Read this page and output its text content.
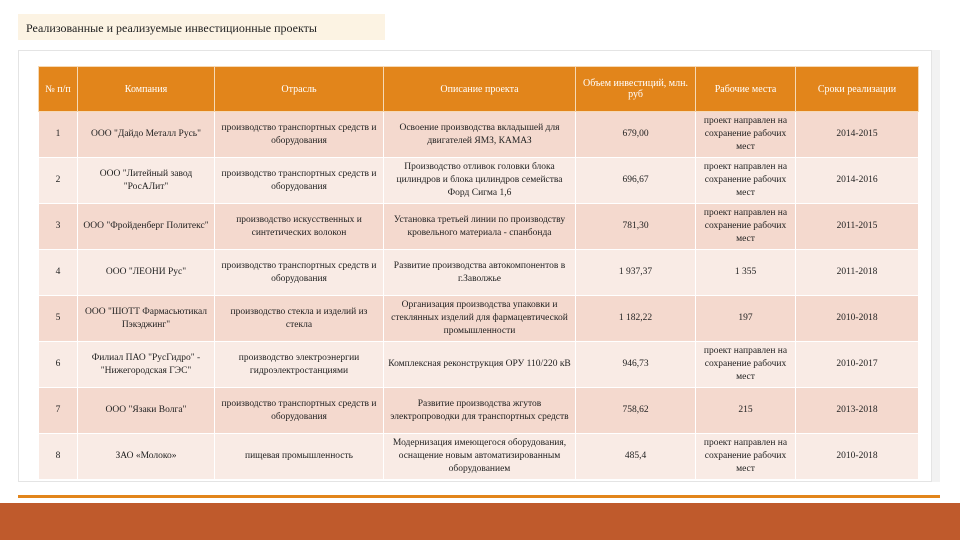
Реализованные и реализуемые инвестиционные проекты
№ п/п	Компания	Отрасль	Описание проекта	Объем инвестиций, млн. руб	Рабочие места	Сроки реализации
1	ООО "Дайдо Металл Русь"	производство транспортных средств и оборудования	Освоение производства вкладышей для двигателей ЯМЗ, КАМАЗ	679,00	проект направлен на сохранение рабочих мест	2014-2015
2	ООО "Литейный завод "РосАЛит"	производство транспортных средств и оборудования	Производство отливок головки блока цилиндров и блока цилиндров семейства Форд Сигма 1,6	696,67	проект направлен на сохранение рабочих мест	2014-2016
3	ООО "Фройденберг Политекс"	производство искусственных и синтетических волокон	Установка третьей линии по производству кровельного материала - спанбонда	781,30	проект направлен на сохранение рабочих мест	2011-2015
4	ООО "ЛЕОНИ Рус"	производство транспортных средств и оборудования	Развитие производства автокомпонентов в г.Заволжье	1 937,37	1 355	2011-2018
5	ООО "ШОТТ Фармасьютикал Пэкэджинг"	производство стекла и изделий из стекла	Организация производства упаковки и стеклянных изделий для фармацевтической промышленности	1 182,22	197	2010-2018
6	Филиал ПАО "РусГидро" - "Нижегородская ГЭС"	производство электроэнергии гидроэлектростанциями	Комплексная реконструкция ОРУ 110/220 кВ	946,73	проект направлен на сохранение рабочих мест	2010-2017
7	ООО "Язаки Волга"	производство транспортных средств и оборудования	Развитие производства жгутов электропроводки для транспортных средств	758,62	215	2013-2018
8	ЗАО «Молоко»	пищевая промышленность	Модернизация имеющегося оборудования, оснащение новым автоматизированным оборудованием	485,4	проект направлен на сохранение рабочих мест	2010-2018
